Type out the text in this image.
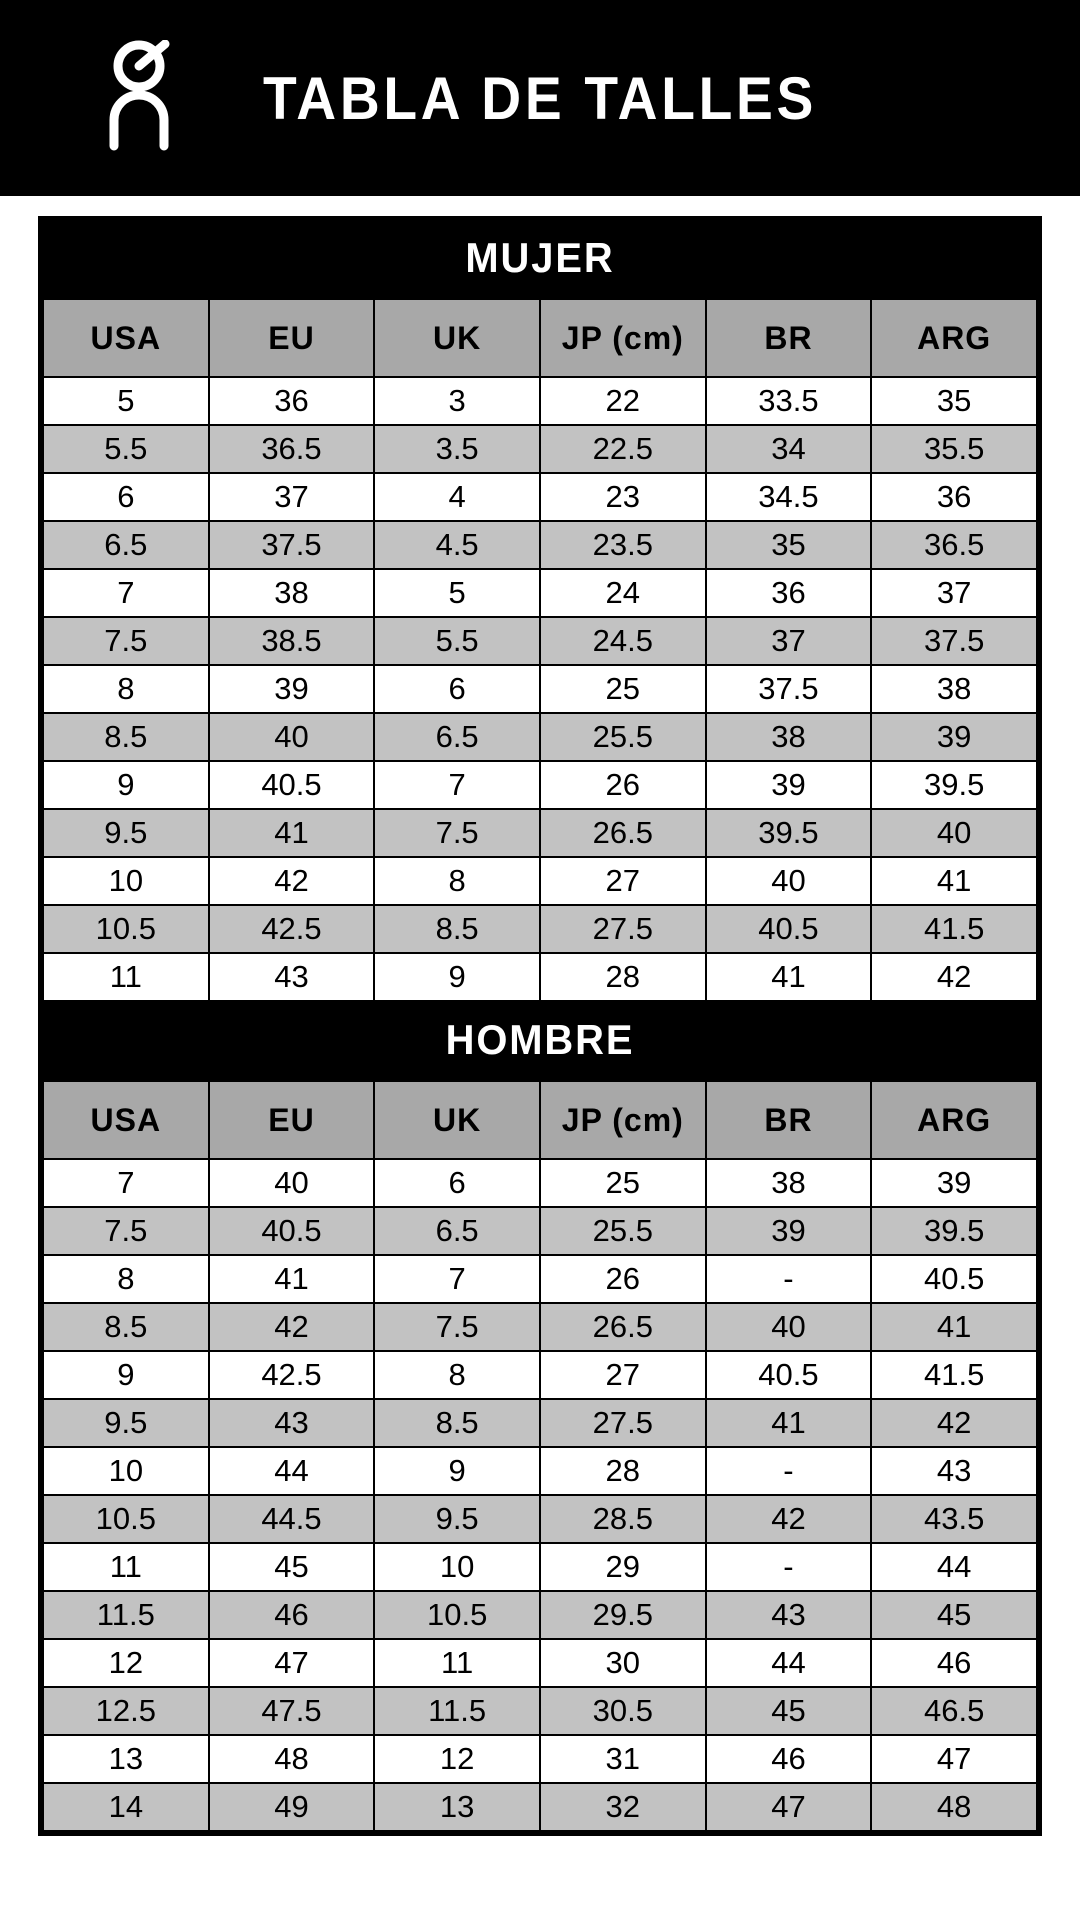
TABLA DE TALLES
MUJER
USA	EU	UK	JP (cm)	BR	ARG
5	36	3	22	33.5	35
5.5	36.5	3.5	22.5	34	35.5
6	37	4	23	34.5	36
6.5	37.5	4.5	23.5	35	36.5
7	38	5	24	36	37
7.5	38.5	5.5	24.5	37	37.5
8	39	6	25	37.5	38
8.5	40	6.5	25.5	38	39
9	40.5	7	26	39	39.5
9.5	41	7.5	26.5	39.5	40
10	42	8	27	40	41
10.5	42.5	8.5	27.5	40.5	41.5
11	43	9	28	41	42
HOMBRE
USA	EU	UK	JP (cm)	BR	ARG
7	40	6	25	38	39
7.5	40.5	6.5	25.5	39	39.5
8	41	7	26	-	40.5
8.5	42	7.5	26.5	40	41
9	42.5	8	27	40.5	41.5
9.5	43	8.5	27.5	41	42
10	44	9	28	-	43
10.5	44.5	9.5	28.5	42	43.5
11	45	10	29	-	44
11.5	46	10.5	29.5	43	45
12	47	11	30	44	46
12.5	47.5	11.5	30.5	45	46.5
13	48	12	31	46	47
14	49	13	32	47	48
